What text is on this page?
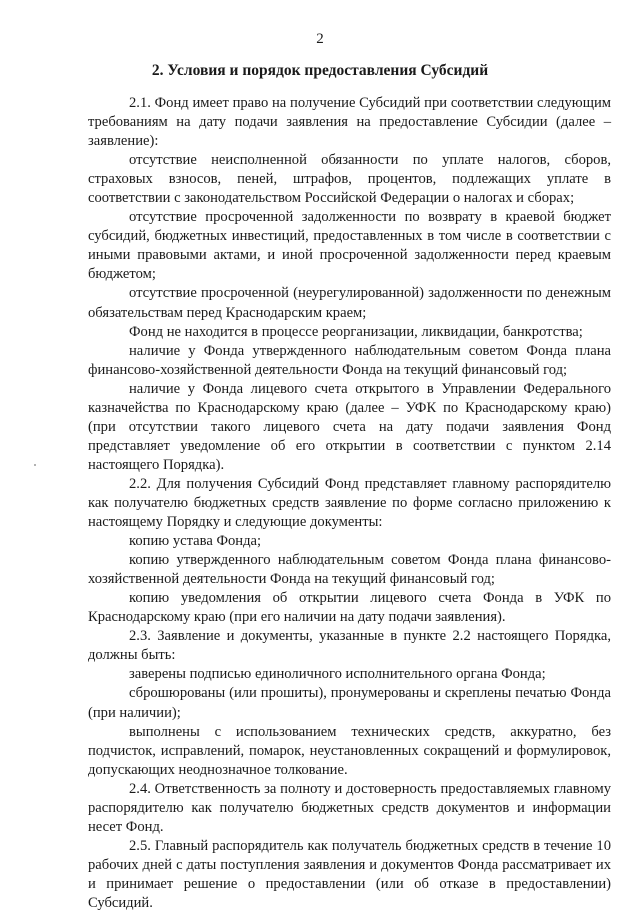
2
2. Условия и порядок предоставления Субсидий

2.1. Фонд имеет право на получение Субсидий при соответствии следующим требованиям на дату подачи заявления на предоставление Субсидии (далее – заявление):

отсутствие неисполненной обязанности по уплате налогов, сборов, страховых взносов, пеней, штрафов, процентов, подлежащих уплате в соответствии с законодательством Российской Федерации о налогах и сборах;

отсутствие просроченной задолженности по возврату в краевой бюджет субсидий, бюджетных инвестиций, предоставленных в том числе в соответствии с иными правовыми актами, и иной просроченной задолженности перед краевым бюджетом;

отсутствие просроченной (неурегулированной) задолженности по денежным обязательствам перед Краснодарским краем;

Фонд не находится в процессе реорганизации, ликвидации, банкротства;

наличие у Фонда утвержденного наблюдательным советом Фонда плана финансово-хозяйственной деятельности Фонда на текущий финансовый год;

наличие у Фонда лицевого счета открытого в Управлении Федерального казначейства по Краснодарскому краю (далее – УФК по Краснодарскому краю) (при отсутствии такого лицевого счета на дату подачи заявления Фонд представляет уведомление об его открытии в соответствии с пунктом 2.14 настоящего Порядка).

2.2. Для получения Субсидий Фонд представляет главному распорядителю как получателю бюджетных средств заявление по форме согласно приложению к настоящему Порядку и следующие документы:

копию устава Фонда;

копию утвержденного наблюдательным советом Фонда плана финансово-хозяйственной деятельности Фонда на текущий финансовый год;

копию уведомления об открытии лицевого счета Фонда в УФК по Краснодарскому краю (при его наличии на дату подачи заявления).

2.3. Заявление и документы, указанные в пункте 2.2 настоящего Порядка, должны быть:

заверены подписью единоличного исполнительного органа Фонда;

сброшюрованы (или прошиты), пронумерованы и скреплены печатью Фонда (при наличии);

выполнены с использованием технических средств, аккуратно, без подчисток, исправлений, помарок, неустановленных сокращений и формулировок, допускающих неоднозначное толкование.

2.4. Ответственность за полноту и достоверность предоставляемых главному распорядителю как получателю бюджетных средств документов и информации несет Фонд.

2.5. Главный распорядитель как получатель бюджетных средств в течение 10 рабочих дней с даты поступления заявления и документов Фонда рассматривает их и принимает решение о предоставлении (или об отказе в предоставлении) Субсидий.
